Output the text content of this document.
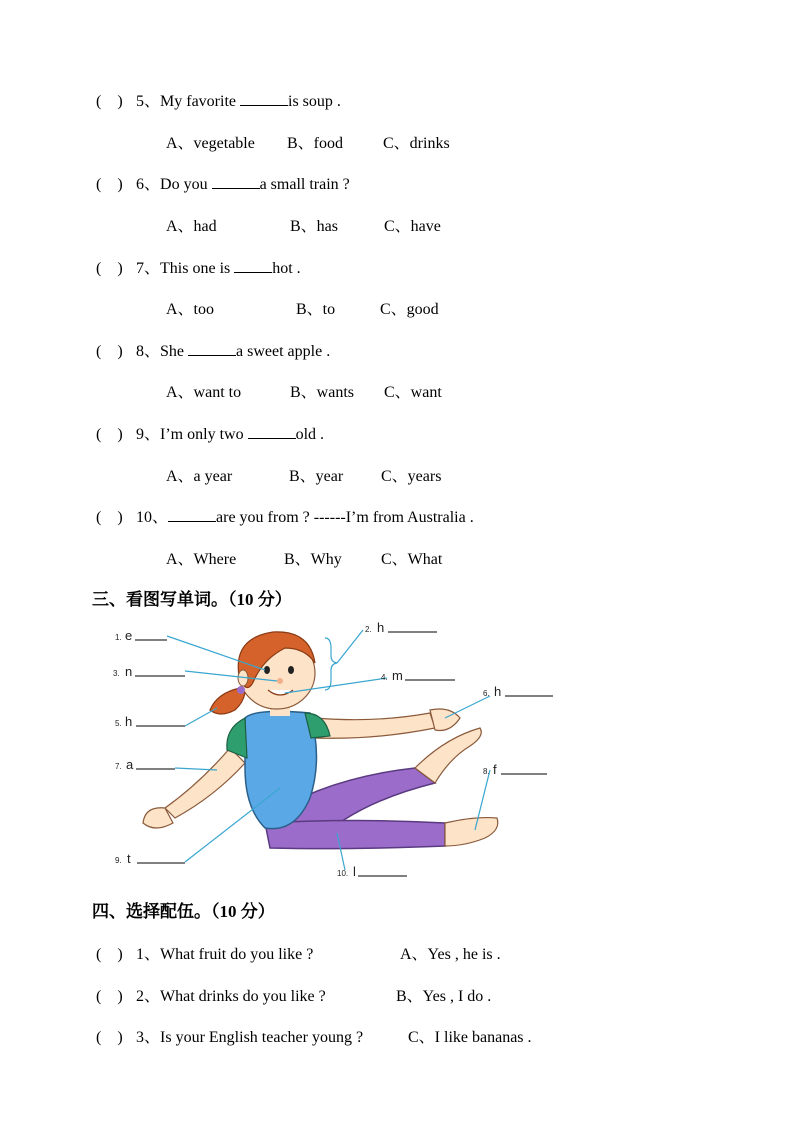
(　) 5、My favorite	is soup .
A、vegetable B、food C、drinks
(　) 6、Do you	a small train ?
A、had	B、has	C、have
(　) 7、This one is hot .
A、too	B、to	C、good
(　) 8、She	a sweet apple .
A、want to	B、wants C、want
(　) 9、I’m only two	old .
A、a year	B、year C、years
(　) 10、	are you from ? ------I’m from Australia .
A、Where	B、Why C、What
三、看图写单词。（10 分）
1. e	2. h
3. n	4. m
5. h
6. h
7. a	8. f
9. t
10. l
四、选择配伍。（10 分）
(　) 1、What fruit do you like ?	A、Yes , he is .
(　) 2、What drinks do you like ?	B、Yes , I do .
(　) 3、Is your English teacher young ?	C、I like bananas .
